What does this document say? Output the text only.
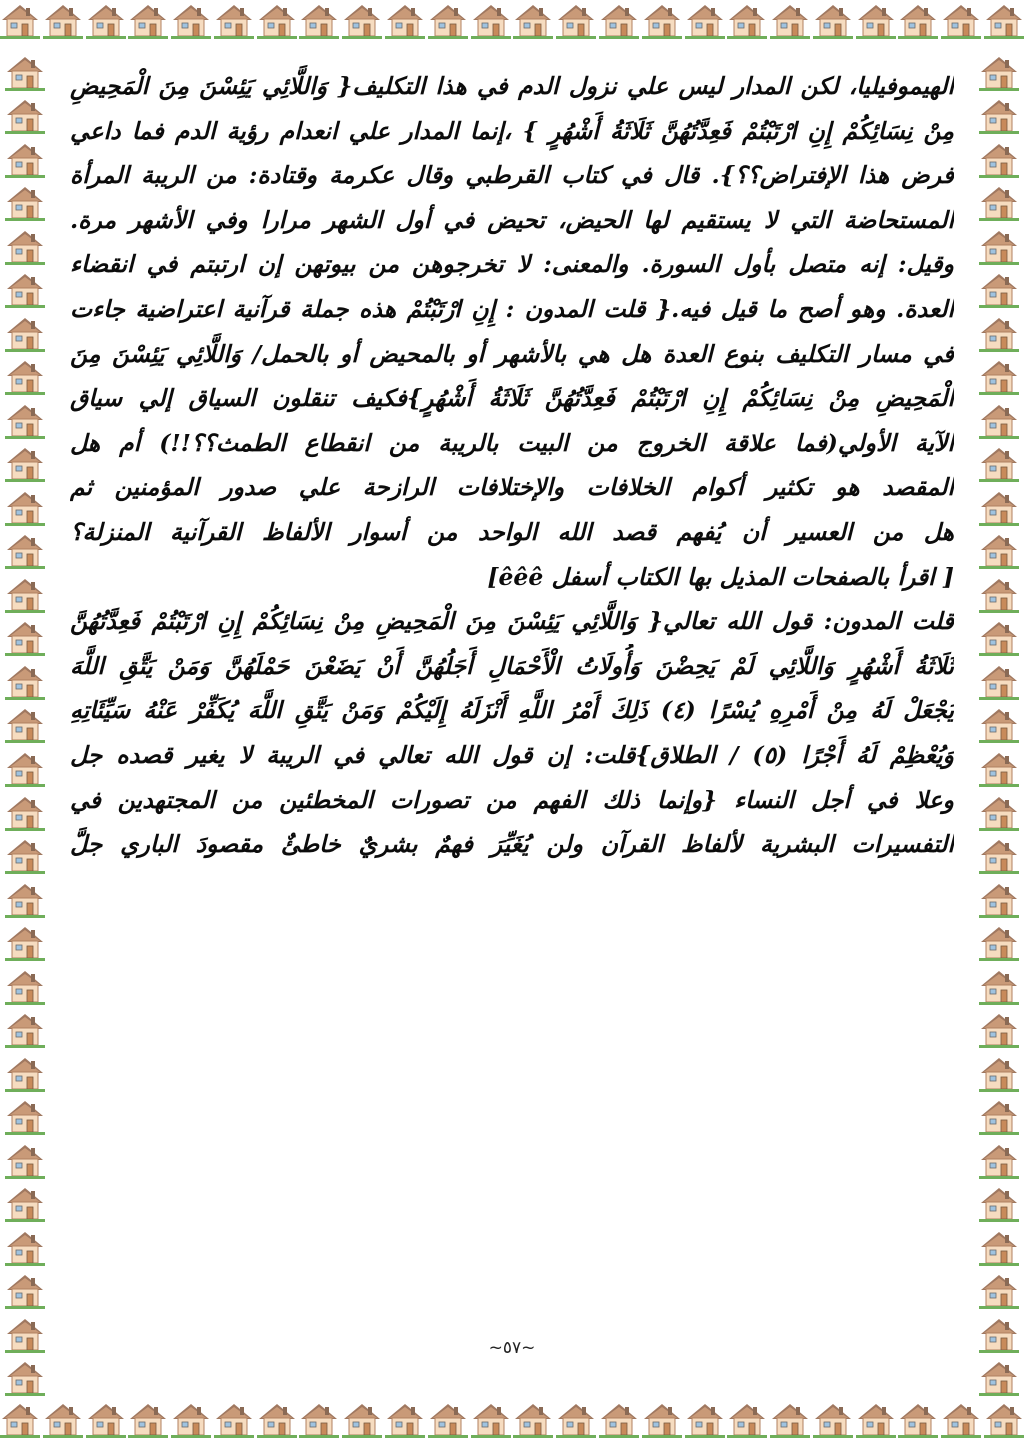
الهيموفيليا، لكن المدار ليس علي نزول الدم في هذا التكليف{ وَاللَّائِي يَئِسْنَ مِنَ الْمَحِيضِ
مِنْ نِسَائِكُمْ إِنِ ارْتَبْتُمْ فَعِدَّتُهُنَّ ثَلَاثَةُ أَشْهُرٍ } ،إنما المدار علي انعدام رؤية الدم فما داعي
فرض هذا الإفتراض؟؟}. قال في كتاب القرطبي وقال عكرمة وقتادة: من الريبة المرأة
المستحاضة التي لا يستقيم لها الحيض، تحيض في أول الشهر مرارا وفي الأشهر مرة.
وقيل: إنه متصل بأول السورة. والمعنى: لا تخرجوهن من بيوتهن إن ارتبتم في انقضاء
العدة. وهو أصح ما قيل فيه.{ قلت المدون : إِنِ ارْتَبْتُمْ هذه جملة قرآنية اعتراضية جاءت
في مسار التكليف بنوع العدة هل هي بالأشهر أو بالمحيض أو بالحمل/ وَاللَّائِي يَئِسْنَ مِنَ
الْمَحِيضِ مِنْ نِسَائِكُمْ إِنِ ارْتَبْتُمْ فَعِدَّتُهُنَّ ثَلَاثَةُ أَشْهُرٍ}فكيف تنقلون السياق إلي سياق
الآية الأولي(فما علاقة الخروج من البيت بالريبة من انقطاع الطمث؟؟!!) أم هل
المقصد هو تكثير أكوام الخلافات والإختلافات الرازحة علي صدور المؤمنين ثم
هل من العسير أن يُفهم قصد الله الواحد من أسوار الألفاظ القرآنية المنزلة؟
[ اقرأ بالصفحات المذيل بها الكتاب أسفل êêê]
قلت المدون: قول الله تعالي{ وَاللَّائِي يَئِسْنَ مِنَ الْمَحِيضِ مِنْ نِسَائِكُمْ إِنِ ارْتَبْتُمْ فَعِدَّتُهُنَّ
ثَلَاثَةُ أَشْهُرٍ وَاللَّائِي لَمْ يَحِضْنَ وَأُولَاتُ الْأَحْمَالِ أَجَلُهُنَّ أَنْ يَضَعْنَ حَمْلَهُنَّ وَمَنْ يَتَّقِ اللَّهَ
يَجْعَلْ لَهُ مِنْ أَمْرِهِ يُسْرًا (٤) ذَلِكَ أَمْرُ اللَّهِ أَنْزَلَهُ إِلَيْكُمْ وَمَنْ يَتَّقِ اللَّهَ يُكَفِّرْ عَنْهُ سَيِّئَاتِهِ
وَيُعْظِمْ لَهُ أَجْرًا (٥) / الطلاق}قلت: إن قول الله تعالي في الريبة لا يغير قصده جل
وعلا في أجل النساء {وإنما ذلك الفهم من تصورات المخطئين من المجتهدين في
التفسيرات البشرية لألفاظ القرآن ولن يُغَيِّرَ فهمٌ بشريٌ خاطئٌ مقصودَ الباري جلَّ
~٥٧~
